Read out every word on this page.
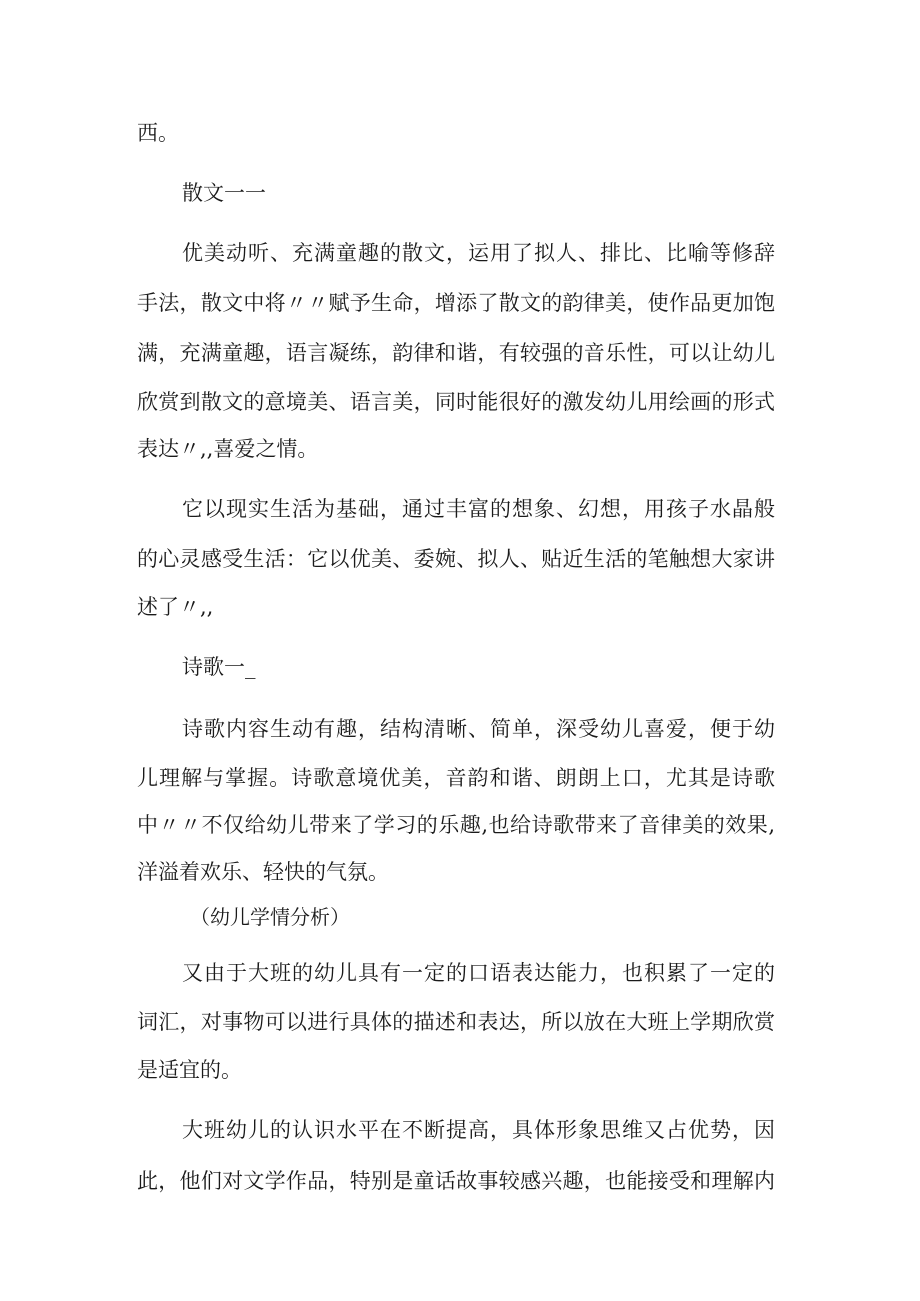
西。
散文一一
优美动听、充满童趣的散文，运用了拟人、排比、比喻等修辞
手法，散文中将〃〃赋予生命，增添了散文的韵律美，使作品更加饱
满，充满童趣，语言凝练，韵律和谐，有较强的音乐性，可以让幼儿
欣赏到散文的意境美、语言美，同时能很好的激发幼儿用绘画的形式
表达〃,,喜爱之情。
它以现实生活为基础，通过丰富的想象、幻想，用孩子水晶般
的心灵感受生活：它以优美、委婉、拟人、贴近生活的笔触想大家讲
述了〃,,
诗歌一_
诗歌内容生动有趣，结构清晰、简单，深受幼儿喜爱，便于幼
儿理解与掌握。诗歌意境优美，音韵和谐、朗朗上口，尤其是诗歌
中〃〃不仅给幼儿带来了学习的乐趣,也给诗歌带来了音律美的效果,
洋溢着欢乐、轻快的气氛。
（幼儿学情分析）
又由于大班的幼儿具有一定的口语表达能力，也积累了一定的
词汇，对事物可以进行具体的描述和表达，所以放在大班上学期欣赏
是适宜的。
大班幼儿的认识水平在不断提高，具体形象思维又占优势，因
此，他们对文学作品，特别是童话故事较感兴趣，也能接受和理解内
